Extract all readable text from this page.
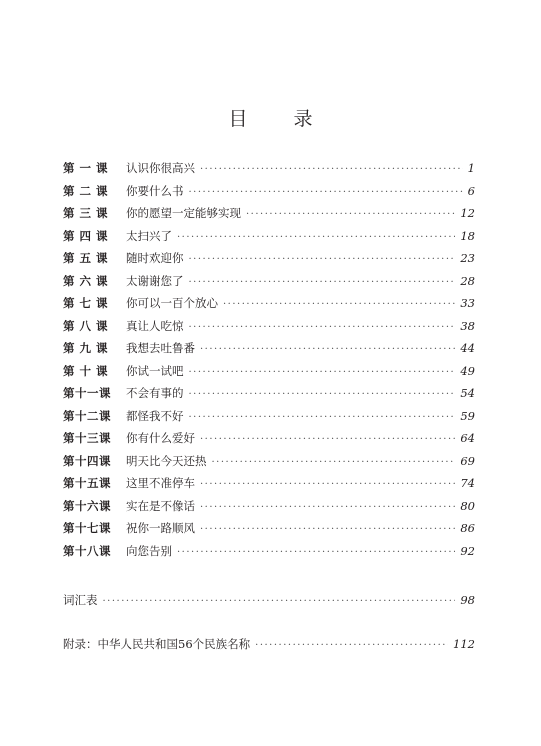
目 录
第 一 课	认识你很高兴 ·····	1
第 二 课	你要什么书 ·····	6
第 三 课	你的愿望一定能够实现 ·····	12
第 四 课	太扫兴了 ·····	18
第 五 课	随时欢迎你 ·····	23
第 六 课	太谢谢您了 ·····	28
第 七 课	你可以一百个放心 ·····	33
第 八 课	真让人吃惊 ·····	38
第 九 课	我想去吐鲁番 ·····	44
第 十 课	你试一试吧 ·····	49
第十一课	不会有事的 ·····	54
第十二课	都怪我不好 ·····	59
第十三课	你有什么爱好 ·····	64
第十四课	明天比今天还热 ·····	69
第十五课	这里不准停车 ·····	74
第十六课	实在是不像话 ·····	80
第十七课	祝你一路顺风 ·····	86
第十八课	向您告别 ·····	92
词汇表 ·····	98
附录：中华人民共和国56个民族名称 ·····	112
